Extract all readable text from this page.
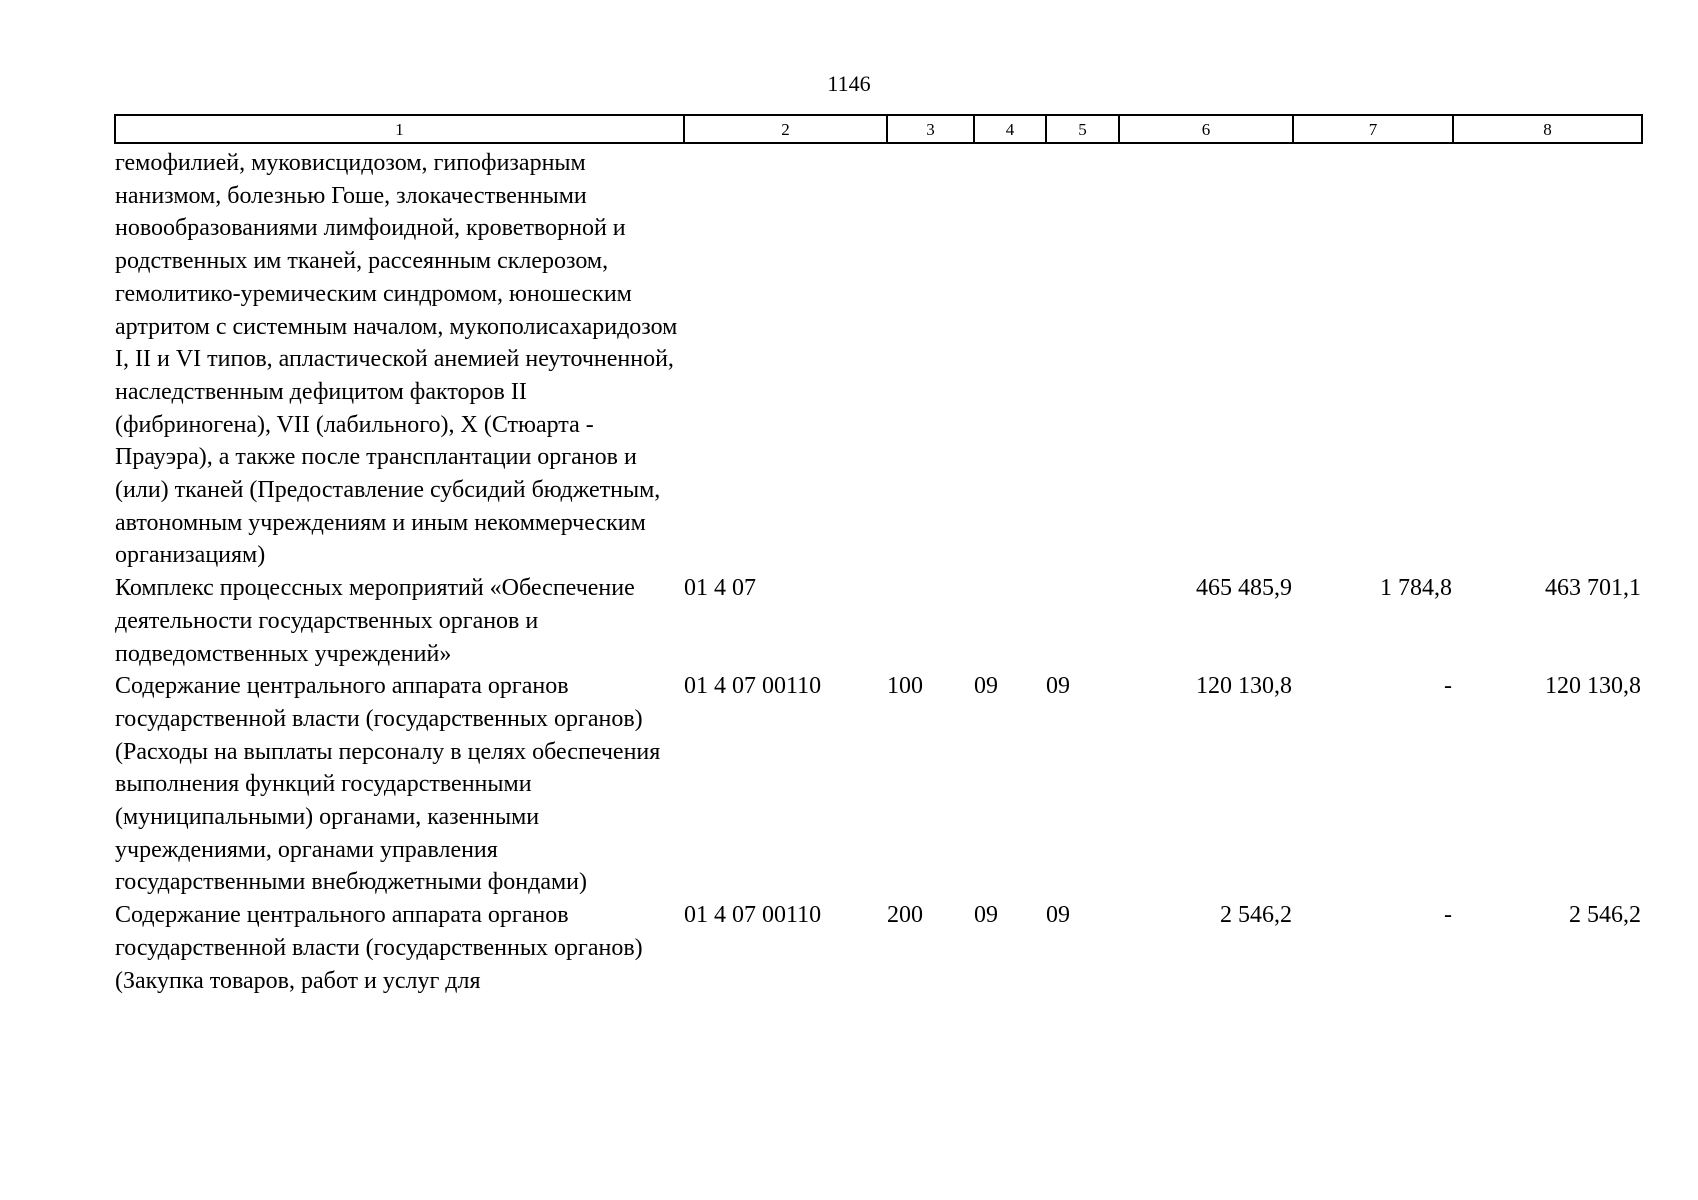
1146
1	2	3	4	5	6	7	8
гемофилией, муковисцидозом, гипофизарным нанизмом, болезнью Гоше, злокачественными новообразованиями лимфоидной, кроветворной и родственных им тканей, рассеянным склерозом, гемолитико-уремическим синдромом, юношеским артритом с системным началом, мукополисахаридозом I, II и VI типов, апластической анемией неуточненной, наследственным дефицитом факторов II (фибриногена), VII (лабильного), X (Стюарта - Прауэра), а также после трансплантации органов и (или) тканей (Предоставление субсидий бюджетным, автономным учреждениям и иным некоммерческим организациям)							
Комплекс процессных мероприятий «Обеспечение деятельности государственных органов и подведомственных учреждений»	01 4 07				465 485,9	1 784,8	463 701,1
Содержание центрального аппарата органов государственной власти (государственных органов) (Расходы на выплаты персоналу в целях обеспечения выполнения функций государственными (муниципальными) органами, казенными учреждениями, органами управления государственными внебюджетными фондами)	01 4 07 00110	100	09	09	120 130,8	-	120 130,8
Содержание центрального аппарата органов государственной власти (государственных органов) (Закупка товаров, работ и услуг для	01 4 07 00110	200	09	09	2 546,2	-	2 546,2
